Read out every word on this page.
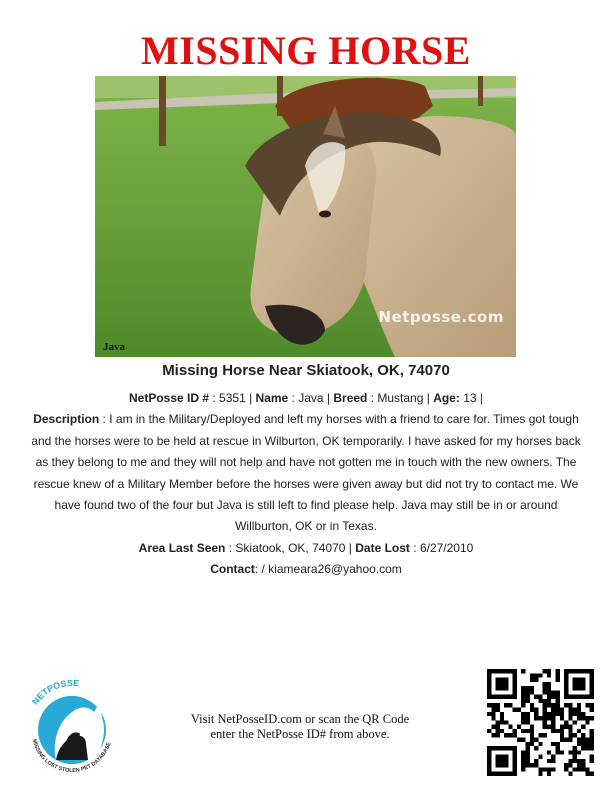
MISSING HORSE
Java
Netposse.com
Missing Horse Near Skiatook, OK, 74070

NetPosse ID # : 5351 | Name : Java | Breed : Mustang | Age: 13 |

Description : I am in the Military/Deployed and left my horses with a friend to care for. Times got tough and the horses were to be held at rescue in Wilburton, OK temporarily. I have asked for my horses back as they belong to me and they will not help and have not gotten me in touch with the new owners. The rescue knew of a Military Member before the horses were given away but did not try to contact me. We have found two of the four but Java is still left to find please help. Java may still be in or around Willburton, OK or in Texas.

Area Last Seen : Skiatook, OK, 74070 | Date Lost : 6/27/2010

Contact: / kiameara26@yahoo.com

NETPOSSE
MISSING LOST STOLEN PET DATABASE
Visit NetPosseID.com or scan the QR Code
enter the NetPosse ID# from above.
